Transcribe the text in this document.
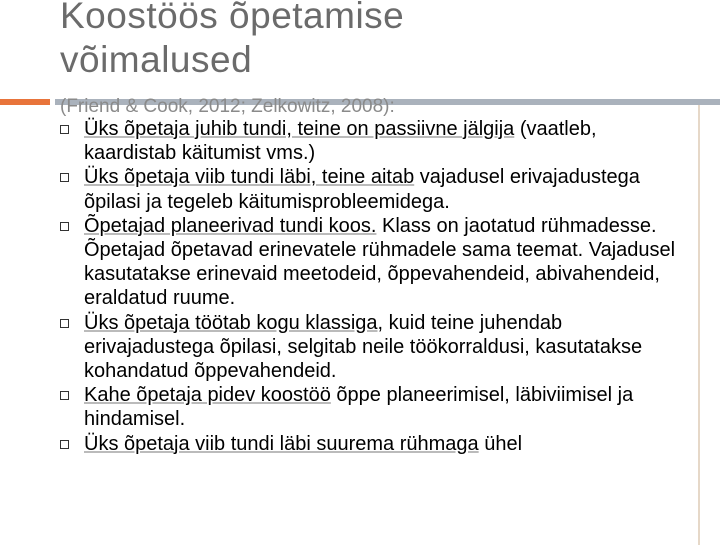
Koostöös õpetamise
võimalused
(Friend & Cook, 2012; Zelkowitz, 2008):
Üks õpetaja juhib tundi, teine on passiivne jälgija (vaatleb, kaardistab käitumist vms.)
Üks õpetaja viib tundi läbi, teine aitab vajadusel erivajadustega õpilasi ja tegeleb käitumisprobleemidega.
Õpetajad planeerivad tundi koos. Klass on jaotatud rühmadesse. Õpetajad õpetavad erinevatele rühmadele sama teemat. Vajadusel kasutatakse erinevaid meetodeid, õppevahendeid, abivahendeid, eraldatud ruume.
Üks õpetaja töötab kogu klassiga, kuid teine juhendab erivajadustega õpilasi, selgitab neile töökorraldusi, kasutatakse kohandatud õppevahendeid.
Kahe õpetaja pidev koostöö õppe planeerimisel, läbiviimisel ja hindamisel.
Üks õpetaja viib tundi läbi suurema rühmaga ühel
